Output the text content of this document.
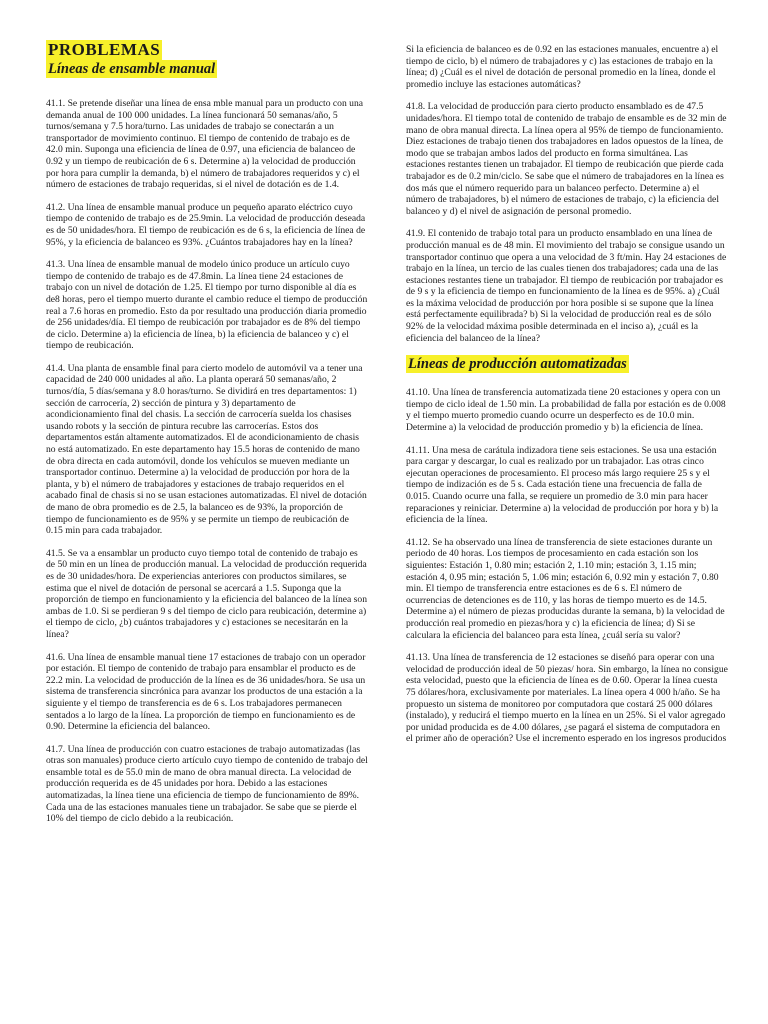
PROBLEMAS
Líneas de ensamble manual

41.1. Se pretende diseñar una línea de ensa mble manual para un producto con una demanda anual de 100 000 unidades. La línea funcionará 50 semanas/año, 5 turnos/semana y 7.5 hora/turno. Las unidades de trabajo se conectarán a un transportador de movimiento continuo. El tiempo de contenido de trabajo es de 42.0 min. Suponga una eficiencia de línea de 0.97, una eficiencia de balanceo de 0.92 y un tiempo de reubicación de 6 s. Determine a) la velocidad de producción por hora para cumplir la demanda, b) el número de trabajadores requeridos y c) el número de estaciones de trabajo requeridas, si el nivel de dotación es de 1.4.

41.2. Una línea de ensamble manual produce un pequeño aparato eléctrico cuyo tiempo de contenido de trabajo es de 25.9min. La velocidad de producción deseada es de 50 unidades/hora. El tiempo de reubicación es de 6 s, la eficiencia de línea de 95%, y la eficiencia de balanceo es 93%. ¿Cuántos trabajadores hay en la línea?

41.3. Una línea de ensamble manual de modelo único produce un artículo cuyo tiempo de contenido de trabajo es de 47.8min. La línea tiene 24 estaciones de trabajo con un nivel de dotación de 1.25. El tiempo por turno disponible al día es de8 horas, pero el tiempo muerto durante el cambio reduce el tiempo de producción real a 7.6 horas en promedio. Esto da por resultado una producción diaria promedio de 256 unidades/día. El tiempo de reubicación por trabajador es de 8% del tiempo de ciclo. Determine a) la eficiencia de línea, b) la eficiencia de balanceo y c) el tiempo de reubicación.

41.4. Una planta de ensamble final para cierto modelo de automóvil va a tener una capacidad de 240 000 unidades al año. La planta operará 50 semanas/año, 2 turnos/día, 5 días/semana y 8.0 horas/turno. Se dividirá en tres departamentos: 1) sección de carrocería, 2) sección de pintura y 3) departamento de acondicionamiento final del chasis. La sección de carrocería suelda los chasises usando robots y la sección de pintura recubre las carrocerías. Estos dos departamentos están altamente automatizados. El de acondicionamiento de chasis no está automatizado. En este departamento hay 15.5 horas de contenido de mano de obra directa en cada automóvil, donde los vehículos se mueven mediante un transportador continuo. Determine a) la velocidad de producción por hora de la planta, y b) el número de trabajadores y estaciones de trabajo requeridos en el acabado final de chasis si no se usan estaciones automatizadas. El nivel de dotación de mano de obra promedio es de 2.5, la balanceo es de 93%, la proporción de tiempo de funcionamiento es de 95% y se permite un tiempo de reubicación de 0.15 min para cada trabajador.

41.5. Se va a ensamblar un producto cuyo tiempo total de contenido de trabajo es de 50 min en un línea de producción manual. La velocidad de producción requerida es de 30 unidades/hora. De experiencias anteriores con productos similares, se estima que el nivel de dotación de personal se acercará a 1.5. Suponga que la proporción de tiempo en funcionamiento y la eficiencia del balanceo de la línea son ambas de 1.0. Si se perdieran 9 s del tiempo de ciclo para reubicación, determine a) el tiempo de ciclo, ¿b) cuántos trabajadores y c) estaciones se necesitarán en la línea?

41.6. Una línea de ensamble manual tiene 17 estaciones de trabajo con un operador por estación. El tiempo de contenido de trabajo para ensamblar el producto es de 22.2 min. La velocidad de producción de la línea es de 36 unidades/hora. Se usa un sistema de transferencia sincrónica para avanzar los productos de una estación a la siguiente y el tiempo de transferencia es de 6 s. Los trabajadores permanecen sentados a lo largo de la línea. La proporción de tiempo en funcionamiento es de 0.90. Determine la eficiencia del balanceo.

41.7. Una línea de producción con cuatro estaciones de trabajo automatizadas (las otras son manuales) produce cierto artículo cuyo tiempo de contenido de trabajo del ensamble total es de 55.0 min de mano de obra manual directa. La velocidad de producción requerida es de 45 unidades por hora. Debido a las estaciones automatizadas, la línea tiene una eficiencia de tiempo de funcionamiento de 89%. Cada una de las estaciones manuales tiene un trabajador. Se sabe que se pierde el 10% del tiempo de ciclo debido a la reubicación.

Si la eficiencia de balanceo es de 0.92 en las estaciones manuales, encuentre a) el tiempo de ciclo, b) el número de trabajadores y c) las estaciones de trabajo en la línea; d) ¿Cuál es el nivel de dotación de personal promedio en la línea, donde el promedio incluye las estaciones automáticas?

41.8. La velocidad de producción para cierto producto ensamblado es de 47.5 unidades/hora. El tiempo total de contenido de trabajo de ensamble es de 32 min de mano de obra manual directa. La línea opera al 95% de tiempo de funcionamiento. Diez estaciones de trabajo tienen dos trabajadores en lados opuestos de la línea, de modo que se trabajan ambos lados del producto en forma simultánea. Las estaciones restantes tienen un trabajador. El tiempo de reubicación que pierde cada trabajador es de 0.2 min/ciclo. Se sabe que el número de trabajadores en la línea es dos más que el número requerido para un balanceo perfecto. Determine a) el número de trabajadores, b) el número de estaciones de trabajo, c) la eficiencia del balanceo y d) el nivel de asignación de personal promedio.

41.9. El contenido de trabajo total para un producto ensamblado en una línea de producción manual es de 48 min. El movimiento del trabajo se consigue usando un transportador continuo que opera a una velocidad de 3 ft/min. Hay 24 estaciones de trabajo en la línea, un tercio de las cuales tienen dos trabajadores; cada una de las estaciones restantes tiene un trabajador. El tiempo de reubicación por trabajador es de 9 s y la eficiencia de tiempo en funcionamiento de la línea es de 95%. a) ¿Cuál es la máxima velocidad de producción por hora posible si se supone que la línea está perfectamente equilibrada? b) Si la velocidad de producción real es de sólo 92% de la velocidad máxima posible determinada en el inciso a), ¿cuál es la eficiencia del balanceo de la línea?

Líneas de producción automatizadas

41.10. Una línea de transferencia automatizada tiene 20 estaciones y opera con un tiempo de ciclo ideal de 1.50 min. La probabilidad de falla por estación es de 0.008 y el tiempo muerto promedio cuando ocurre un desperfecto es de 10.0 min. Determine a) la velocidad de producción promedio y b) la eficiencia de línea.

41.11. Una mesa de carátula indizadora tiene seis estaciones. Se usa una estación para cargar y descargar, lo cual es realizado por un trabajador. Las otras cinco ejecutan operaciones de procesamiento. El proceso más largo requiere 25 s y el tiempo de indización es de 5 s. Cada estación tiene una frecuencia de falla de 0.015. Cuando ocurre una falla, se requiere un promedio de 3.0 min para hacer reparaciones y reiniciar. Determine a) la velocidad de producción por hora y b) la eficiencia de la línea.

41.12. Se ha observado una línea de transferencia de siete estaciones durante un periodo de 40 horas. Los tiempos de procesamiento en cada estación son los siguientes: Estación 1, 0.80 min; estación 2, 1.10 min; estación 3, 1.15 min; estación 4, 0.95 min; estación 5, 1.06 min; estación 6, 0.92 min y estación 7, 0.80 min. El tiempo de transferencia entre estaciones es de 6 s. El número de ocurrencias de detenciones es de 110, y las horas de tiempo muerto es de 14.5. Determine a) el número de piezas producidas durante la semana, b) la velocidad de producción real promedio en piezas/hora y c) la eficiencia de línea; d) Si se calculara la eficiencia del balanceo para esta línea, ¿cuál sería su valor?

41.13. Una línea de transferencia de 12 estaciones se diseñó para operar con una velocidad de producción ideal de 50 piezas/ hora. Sin embargo, la línea no consigue esta velocidad, puesto que la eficiencia de línea es de 0.60. Operar la línea cuesta 75 dólares/hora, exclusivamente por materiales. La línea opera 4 000 h/año. Se ha propuesto un sistema de monitoreo por computadora que costará 25 000 dólares (instalado), y reducirá el tiempo muerto en la línea en un 25%. Si el valor agregado por unidad producida es de 4.00 dólares, ¿se pagará el sistema de computadora en el primer año de operación? Use el incremento esperado en los ingresos producidos
